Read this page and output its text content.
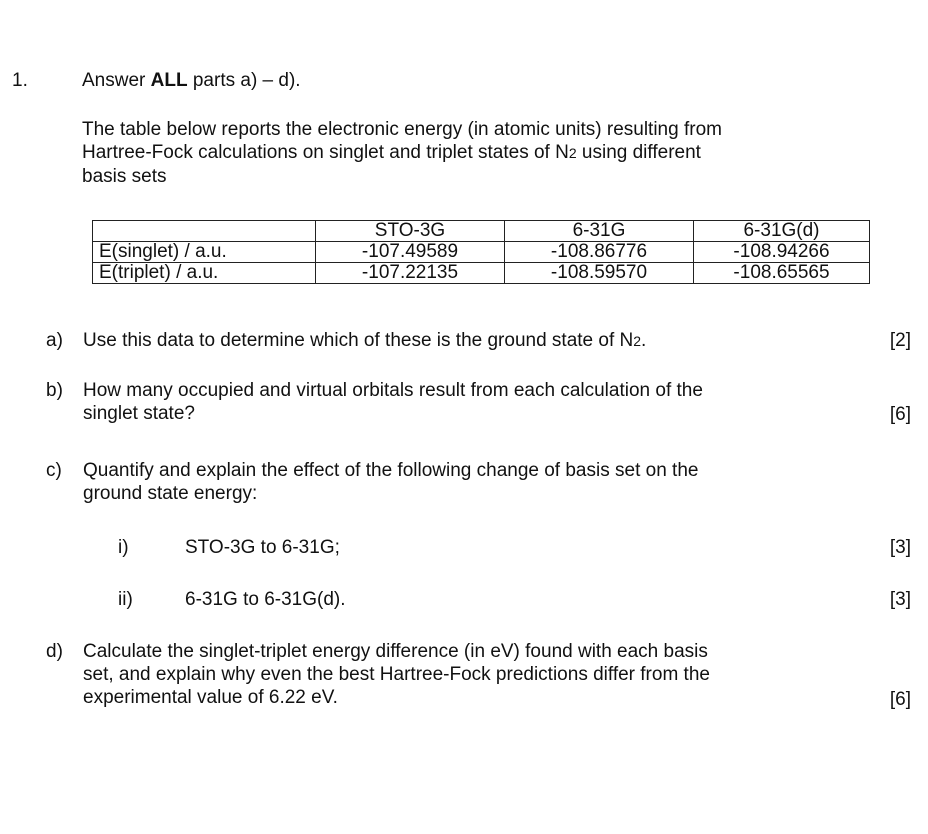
1.	Answer ALL parts a) – d).
The table below reports the electronic energy (in atomic units) resulting from
Hartree-Fock calculations on singlet and triplet states of N2 using different
basis sets
	STO-3G	6-31G	6-31G(d)
E(singlet) / a.u.	-107.49589	-108.86776	-108.94266
E(triplet) / a.u.	-107.22135	-108.59570	-108.65565
a) Use this data to determine which of these is the ground state of N2.	[2]
b) How many occupied and virtual orbitals result from each calculation of the
singlet state?	[6]
c) Quantify and explain the effect of the following change of basis set on the
ground state energy:
i)	STO-3G to 6-31G;	[3]
ii)	6-31G to 6-31G(d).	[3]
d) Calculate the singlet-triplet energy difference (in eV) found with each basis
set, and explain why even the best Hartree-Fock predictions differ from the
experimental value of 6.22 eV.	[6]
